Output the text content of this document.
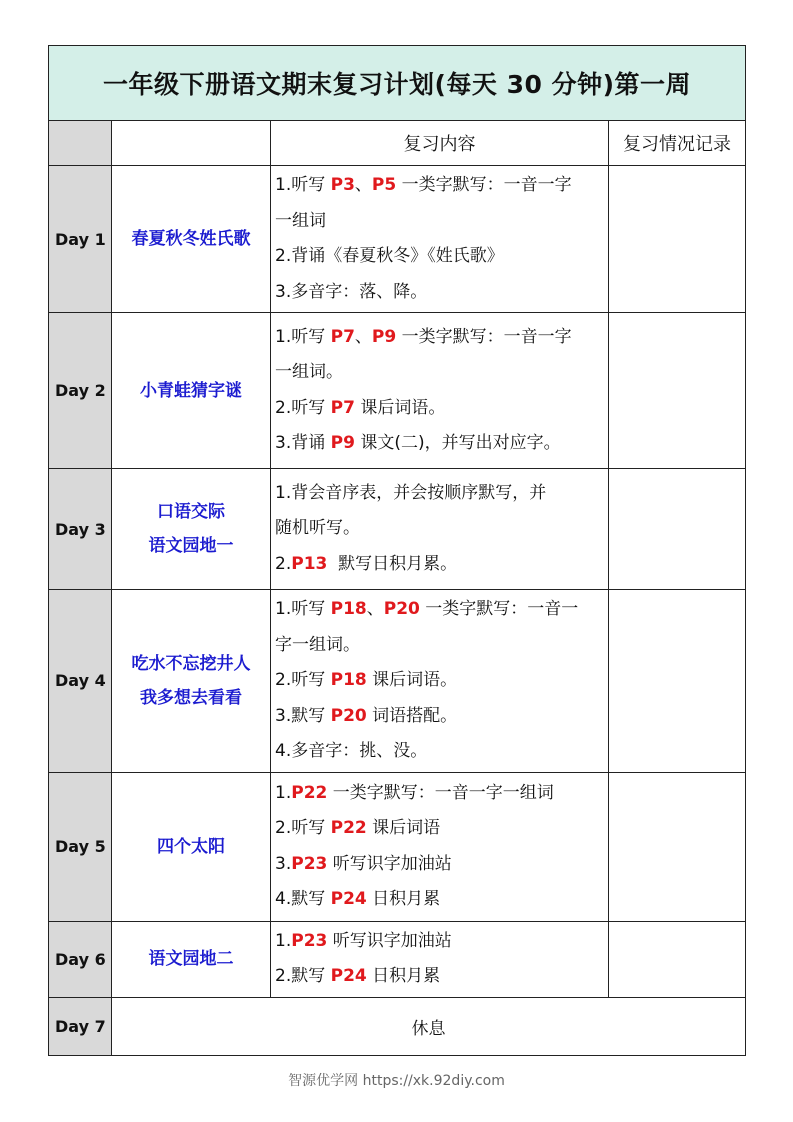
一年级下册语文期末复习计划(每天 30 分钟)第一周			
		复习内容	复习情况记录
Day 1	春夏秋冬姓氏歌	1.听写 P3、P5 一类字默写：一音一字
一组词
2.背诵《春夏秋冬》《姓氏歌》
3.多音字：落、降。	

Day 2	小青蛙猜字谜	1.听写 P7、P9 一类字默写：一音一字
一组词。
2.听写 P7 课后词语。
3.背诵 P9 课文(二)，并写出对应字。	

Day 3	口语交际
语文园地一	1.背会音序表，并会按顺序默写，并
随机听写。
2.P13  默写日积月累。	

Day 4	吃水不忘挖井人
我多想去看看	1.听写 P18、P20 一类字默写：一音一
字一组词。
2.听写 P18 课后词语。
3.默写 P20 词语搭配。
4.多音字：挑、没。	

Day 5	四个太阳	1.P22 一类字默写：一音一字一组词
2.听写 P22 课后词语
3.P23 听写识字加油站
4.默写 P24 日积月累	

Day 6	语文园地二	1.P23 听写识字加油站
2.默写 P24 日积月累	

Day 7	休息		
智源优学网 https://xk.92diy.com
